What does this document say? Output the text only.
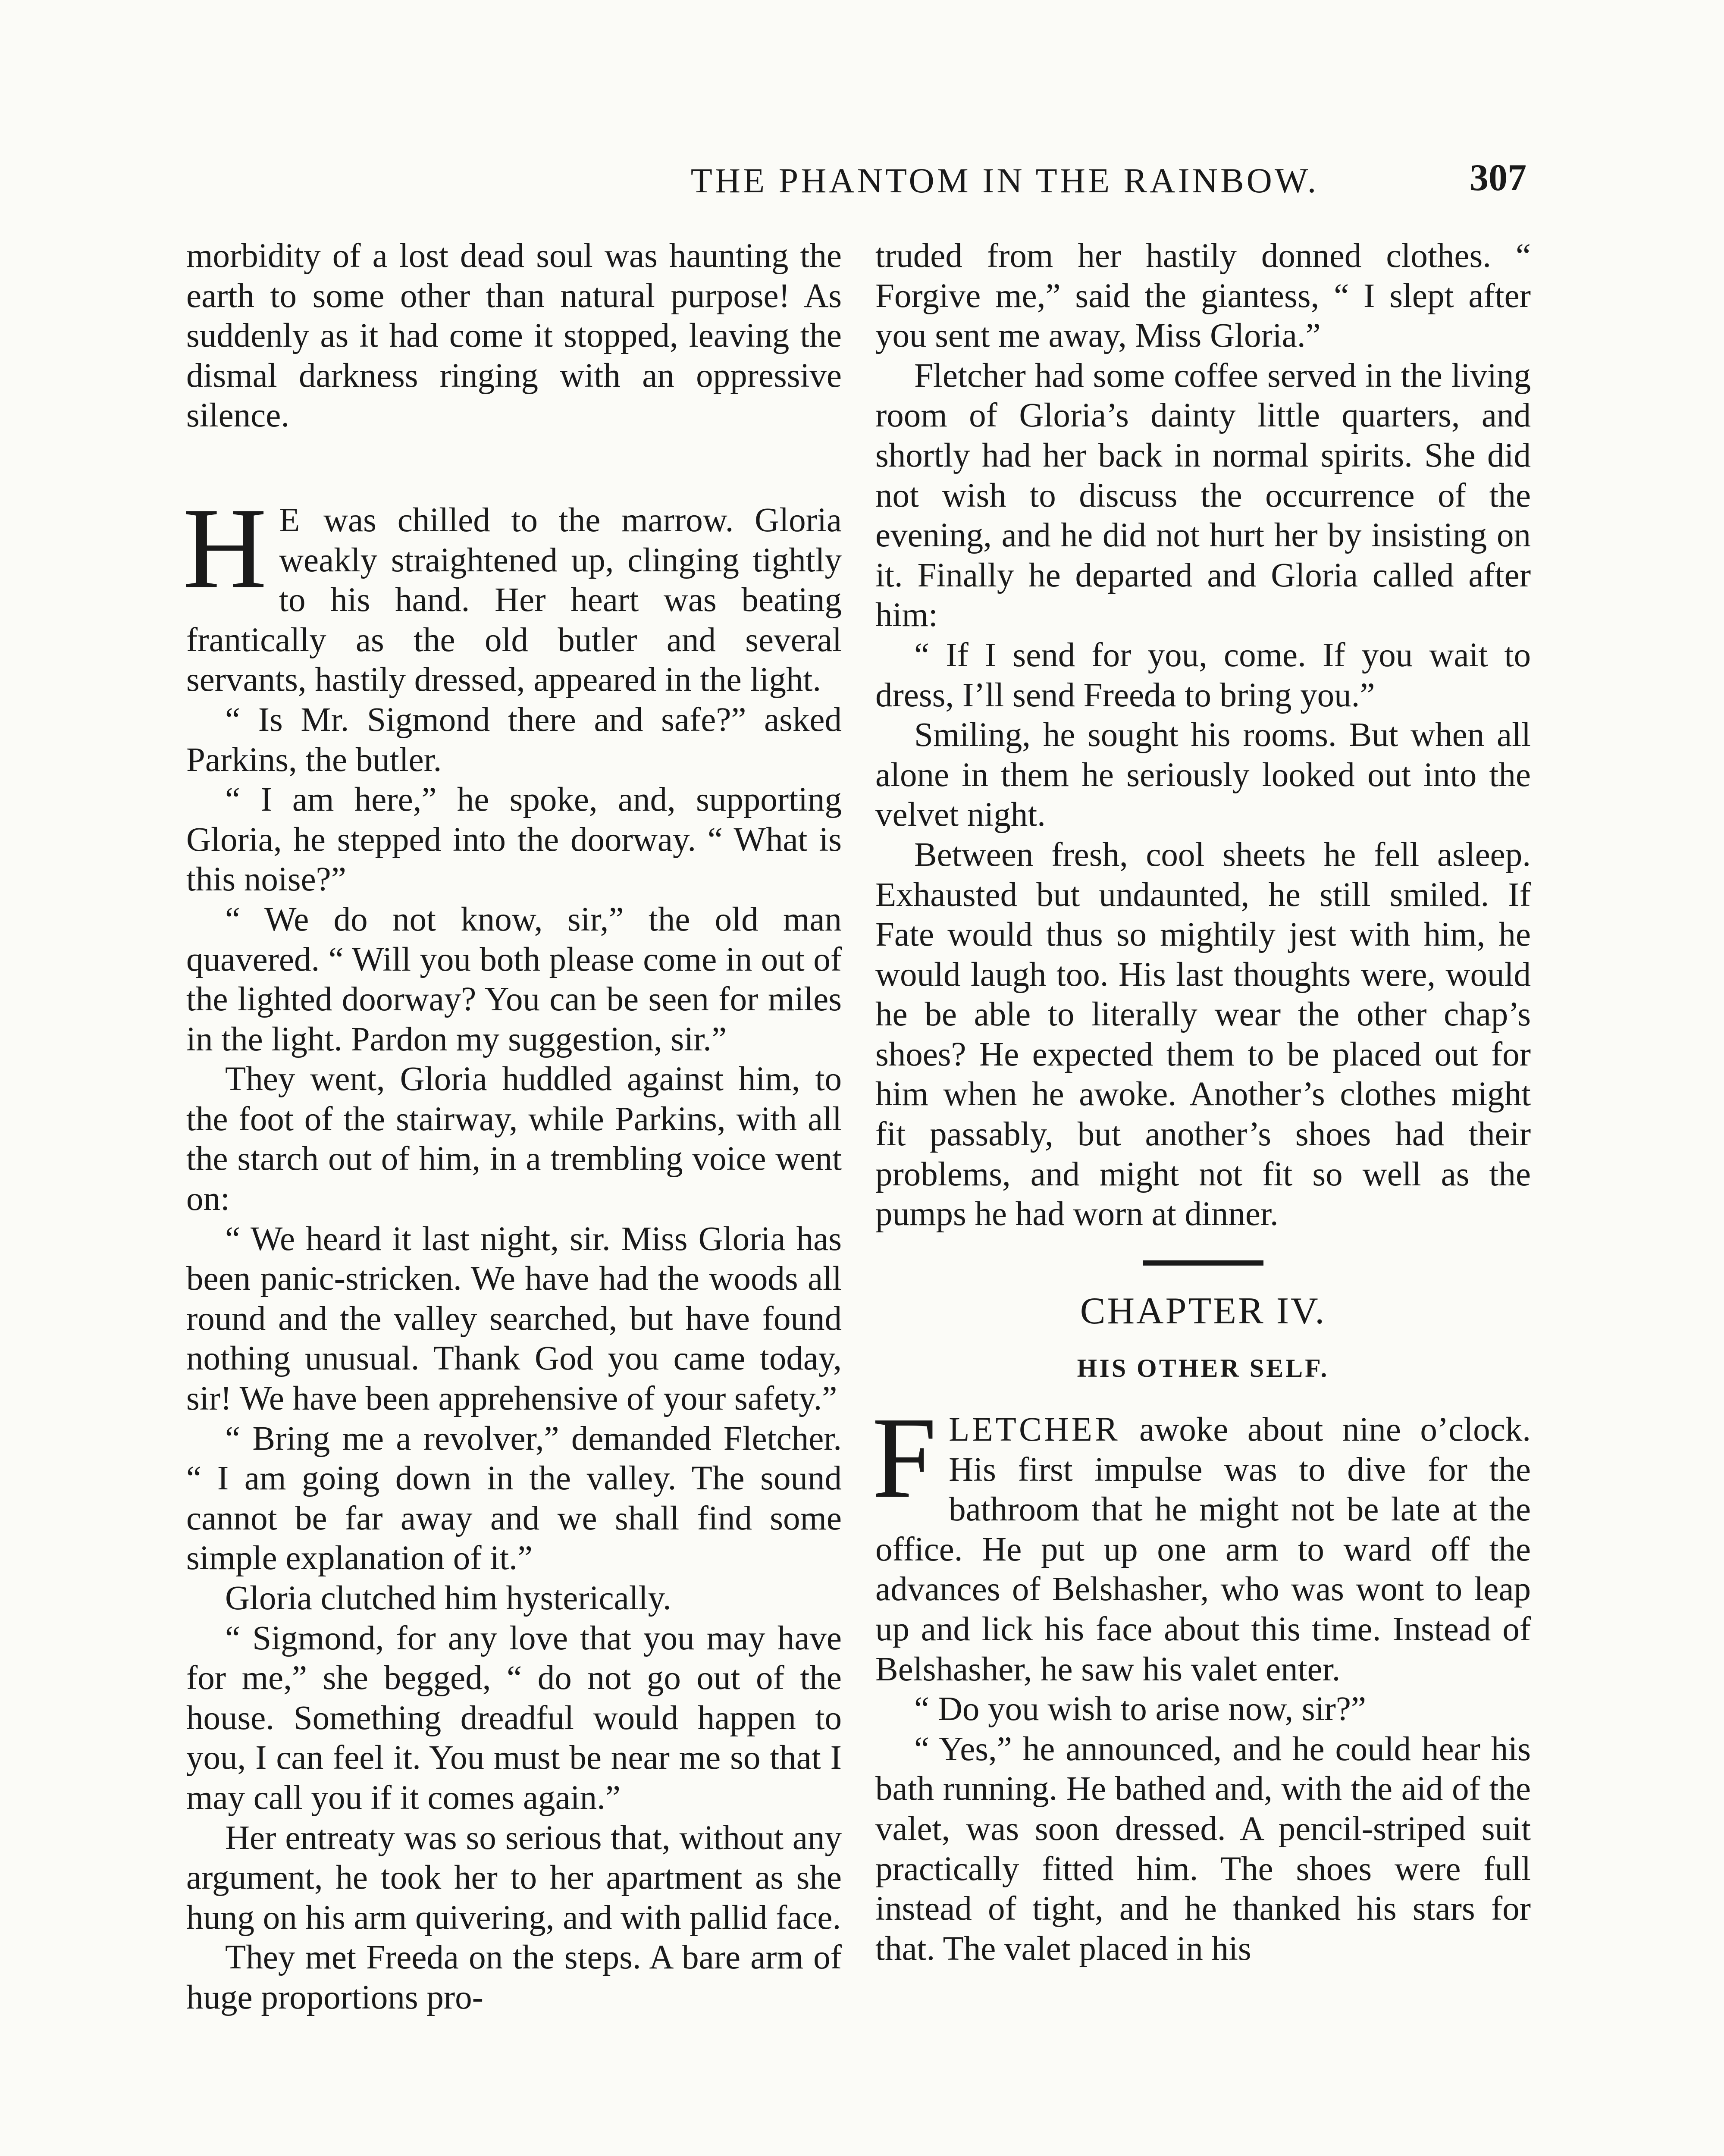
THE PHANTOM IN THE RAINBOW.	307

morbidity of a lost dead soul was haunting the earth to some other than natural purpose! As suddenly as it had come it stopped, leaving the dismal darkness ringing with an oppressive silence.

H E was chilled to the marrow. Gloria weakly straightened up, clinging tightly to his hand. Her heart was beating frantically as the old butler and several servants, hastily dressed, appeared in the light.

“ Is Mr. Sigmond there and safe?” asked Parkins, the butler.

“ I am here,” he spoke, and, supporting Gloria, he stepped into the doorway. “ What is this noise?”

“ We do not know, sir,” the old man quavered. “ Will you both please come in out of the lighted doorway? You can be seen for miles in the light. Pardon my suggestion, sir.”

They went, Gloria huddled against him, to the foot of the stairway, while Parkins, with all the starch out of him, in a trembling voice went on:

“ We heard it last night, sir. Miss Gloria has been panic-stricken. We have had the woods all round and the valley searched, but have found nothing unusual. Thank God you came today, sir! We have been apprehensive of your safety.”

“ Bring me a revolver,” demanded Fletcher. “ I am going down in the valley. The sound cannot be far away and we shall find some simple explanation of it.”

Gloria clutched him hysterically.

“ Sigmond, for any love that you may have for me,” she begged, “ do not go out of the house. Something dreadful would happen to you, I can feel it. You must be near me so that I may call you if it comes again.”

Her entreaty was so serious that, without any argument, he took her to her apartment as she hung on his arm quivering, and with pallid face.

They met Freeda on the steps. A bare arm of huge proportions pro-

truded from her hastily donned clothes. “ Forgive me,” said the giantess, “ I slept after you sent me away, Miss Gloria.”

Fletcher had some coffee served in the living room of Gloria’s dainty little quarters, and shortly had her back in normal spirits. She did not wish to discuss the occurrence of the evening, and he did not hurt her by insisting on it. Finally he departed and Gloria called after him:

“ If I send for you, come. If you wait to dress, I’ll send Freeda to bring you.”

Smiling, he sought his rooms. But when all alone in them he seriously looked out into the velvet night.

Between fresh, cool sheets he fell asleep. Exhausted but undaunted, he still smiled. If Fate would thus so mightily jest with him, he would laugh too. His last thoughts were, would he be able to literally wear the other chap’s shoes? He expected them to be placed out for him when he awoke. Another’s clothes might fit passably, but another’s shoes had their problems, and might not fit so well as the pumps he had worn at dinner.

CHAPTER IV.
HIS OTHER SELF.

FLETCHER awoke about nine o’clock. His first impulse was to dive for the bathroom that he might not be late at the office. He put up one arm to ward off the advances of Belshasher, who was wont to leap up and lick his face about this time. Instead of Belshasher, he saw his valet enter.

“ Do you wish to arise now, sir?”

“ Yes,” he announced, and he could hear his bath running. He bathed and, with the aid of the valet, was soon dressed. A pencil-striped suit practically fitted him. The shoes were full instead of tight, and he thanked his stars for that. The valet placed in his
